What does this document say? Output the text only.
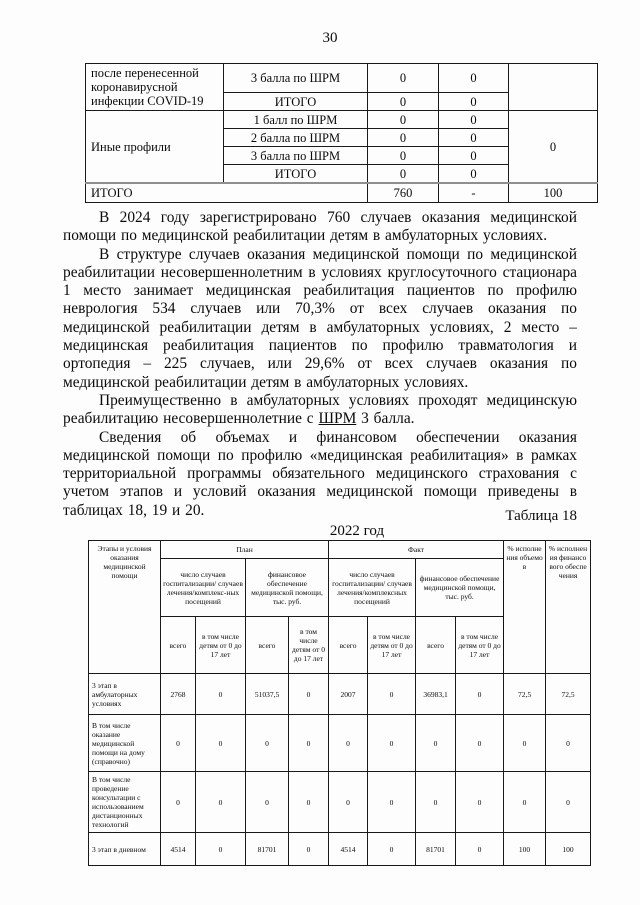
30
после перенесенной коронавирусной инфекции COVID-19	3 балла по ШРМ	0	0	
	ИТОГО	0	0	
Иные профили	1 балл по ШРМ	0	0	0
	2 балла по ШРМ	0	0	
	3 балла по ШРМ	0	0	
	ИТОГО	0	0	
ИТОГО		760	-	100

В 2024 году зарегистрировано 760 случаев оказания медицинской помощи по медицинской реабилитации детям в амбулаторных условиях.

В структуре случаев оказания медицинской помощи по медицинской реабилитации несовершеннолетним в условиях круглосуточного стационара 1 место занимает медицинская реабилитация пациентов по профилю неврология 534 случаев или 70,3% от всех случаев оказания по медицинской реабилитации детям в амбулаторных условиях, 2 место – медицинская реабилитация пациентов по профилю травматология и ортопедия – 225 случаев, или 29,6% от всех случаев оказания по медицинской реабилитации детям в амбулаторных условиях.

Преимущественно в амбулаторных условиях проходят медицинскую реабилитацию несовершеннолетние с ШРМ 3 балла.

Сведения об объемах и финансовом обеспечении оказания медицинской помощи по профилю «медицинская реабилитация» в рамках территориальной программы обязательного медицинского страхования с учетом этапов и условий оказания медицинской помощи приведены в таблицах 18, 19 и 20.	Таблица 18
2022 год
Этапы и условия оказания медицинской помощи	План				Факт				% исполнения объемов	% исполнения финансового обеспечения
	число случаев госпитализации/ случаев лечения/комплекс-ных посещений		финансовое обеспечение медицинской помощи, тыс. руб.		число случаев госпитализации/ случаев лечения/комплексных посещений		финансовое обеспечение медицинской помощи, тыс. руб.			
	всего	в том числе детям от 0 до 17 лет	всего	в том числе детям от 0 до 17 лет	всего	в том числе детям от 0 до 17 лет	всего	в том числе детям от 0 до 17 лет		
3 этап в амбулаторных условиях	2768	0	51037,5	0	2007	0	36983,1	0	72,5	72,5
В том числе оказание медицинской помощи на дому (справочно)	0	0	0	0	0	0	0	0	0	0
В том числе проведение консультации с использованием дистанционных технологий	0	0	0	0	0	0	0	0	0	0
3 этап в дневном	4514	0	81701	0	4514	0	81701	0	100	100
